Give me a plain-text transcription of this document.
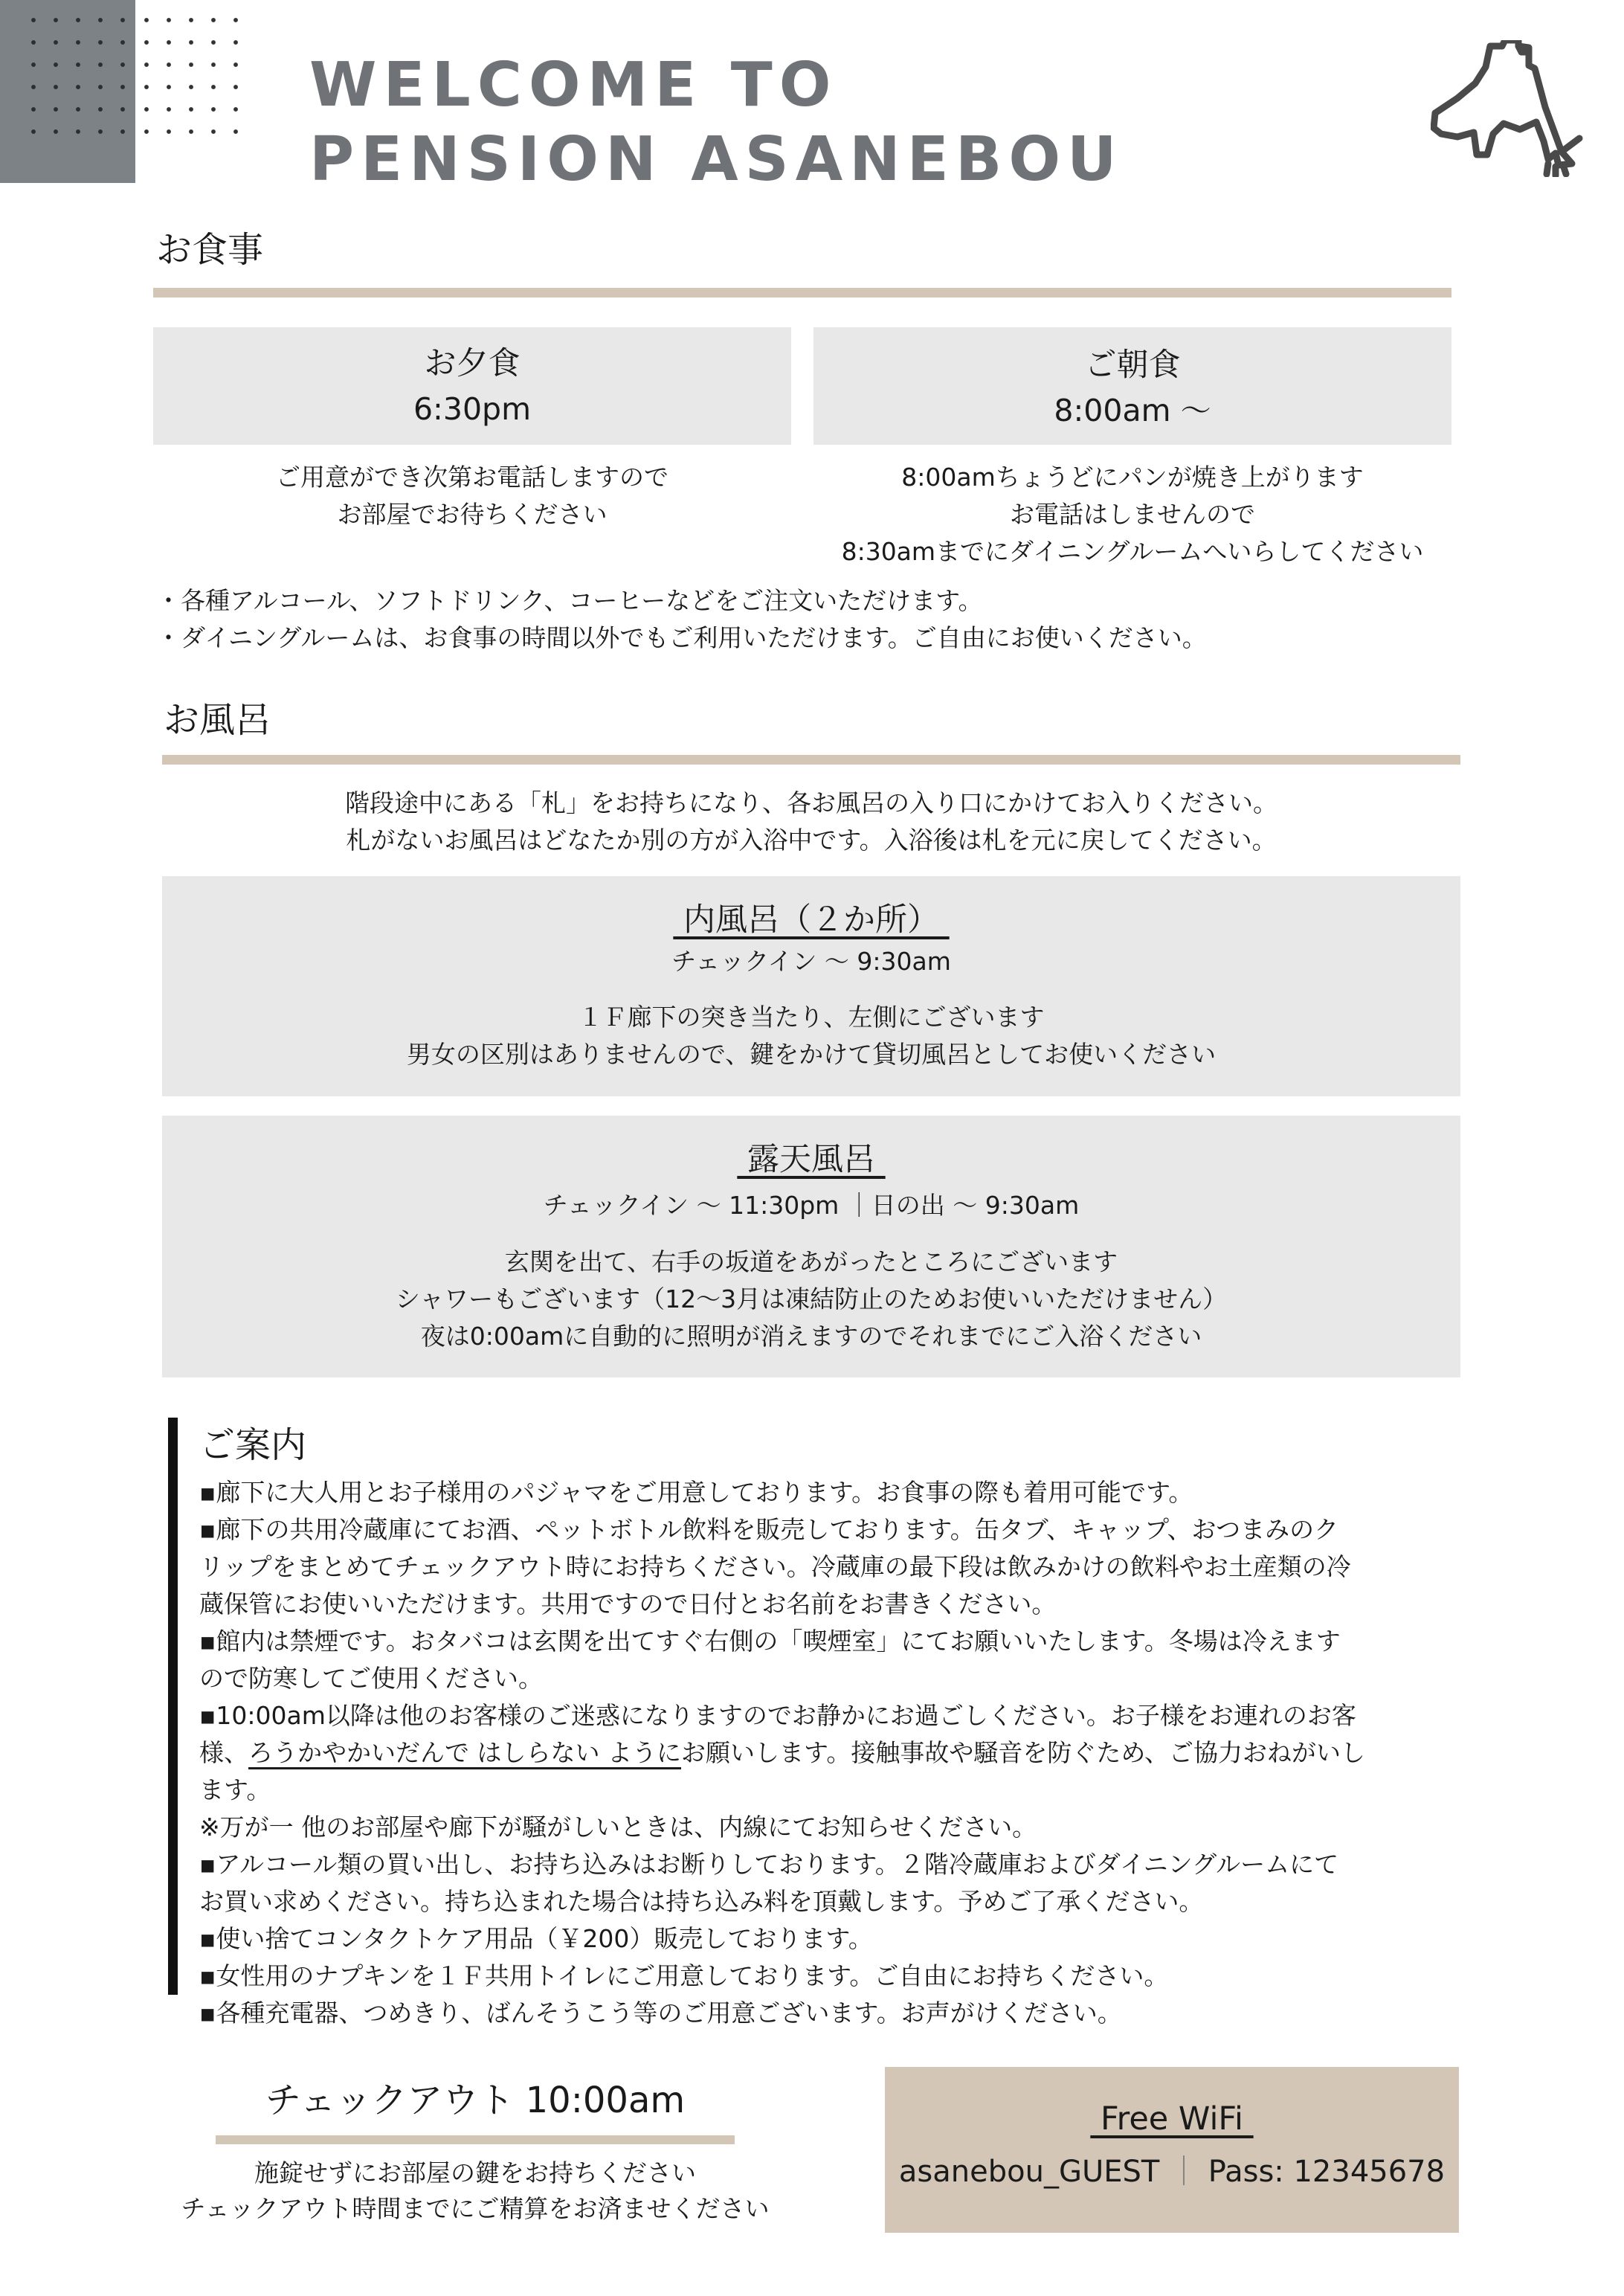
WELCOME TO
PENSION ASANEBOU
お食事
お夕食
6:30pm
ご用意ができ次第お電話しますので
お部屋でお待ちください
ご朝食
8:00am 〜
8:00amちょうどにパンが焼き上がります
お電話はしませんので
8:30amまでにダイニングルームへいらしてください
・各種アルコール、ソフトドリンク、コーヒーなどをご注文いただけます。
・ダイニングルームは、お食事の時間以外でもご利用いただけます。ご自由にお使いください。
お風呂
階段途中にある「札」をお持ちになり、各お風呂の入り口にかけてお入りください。
札がないお風呂はどなたか別の方が入浴中です。入浴後は札を元に戻してください。
内風呂（２か所）
チェックイン 〜 9:30am
１Ｆ廊下の突き当たり、左側にございます
男女の区別はありませんので、鍵をかけて貸切風呂としてお使いください
露天風呂
チェックイン 〜 11:30pm ｜日の出 〜 9:30am
玄関を出て、右手の坂道をあがったところにございます
シャワーもございます（12〜3月は凍結防止のためお使いいただけません）
夜は0:00amに自動的に照明が消えますのでそれまでにご入浴ください
ご案内
▪廊下に大人用とお子様用のパジャマをご用意しております。お食事の際も着用可能です。
▪廊下の共用冷蔵庫にてお酒、ペットボトル飲料を販売しております。缶タブ、キャップ、おつまみのク
リップをまとめてチェックアウト時にお持ちください。冷蔵庫の最下段は飲みかけの飲料やお土産類の冷
蔵保管にお使いいただけます。共用ですので日付とお名前をお書きください。
▪館内は禁煙です。おタバコは玄関を出てすぐ右側の「喫煙室」にてお願いいたします。冬場は冷えます
ので防寒してご使用ください。
▪10:00am以降は他のお客様のご迷惑になりますのでお静かにお過ごしください。お子様をお連れのお客
様、ろうかやかいだんで はしらない ようにお願いします。接触事故や騒音を防ぐため、ご協力おねがいし
ます。
※万が一 他のお部屋や廊下が騒がしいときは、内線にてお知らせください。
▪アルコール類の買い出し、お持ち込みはお断りしております。２階冷蔵庫およびダイニングルームにて
お買い求めください。持ち込まれた場合は持ち込み料を頂戴します。予めご了承ください。
▪使い捨てコンタクトケア用品（￥200）販売しております。
▪女性用のナプキンを１Ｆ共用トイレにご用意しております。ご自由にお持ちください。
▪各種充電器、つめきり、ばんそうこう等のご用意ございます。お声がけください。
チェックアウト 10:00am
施錠せずにお部屋の鍵をお持ちください
チェックアウト時間までにご精算をお済ませください
Free WiFi
asanebou_GUEST ｜ Pass: 12345678
